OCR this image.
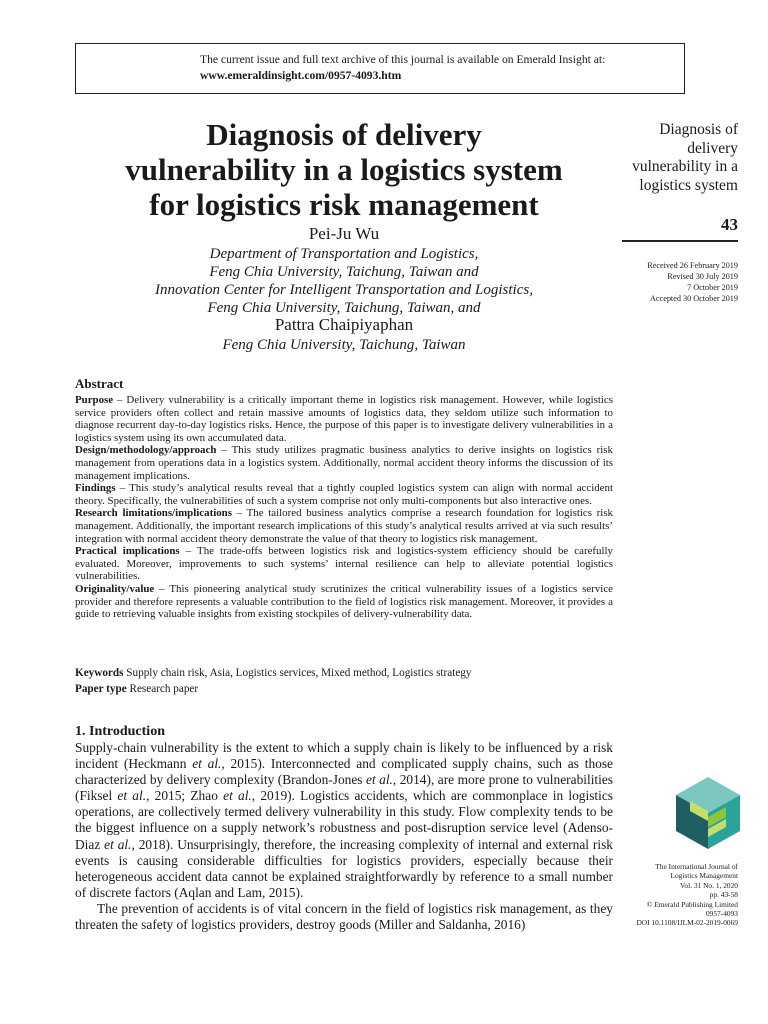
The current issue and full text archive of this journal is available on Emerald Insight at:
www.emeraldinsight.com/0957-4093.htm
Diagnosis of delivery
vulnerability in a logistics system
for logistics risk management
Pei-Ju Wu
Department of Transportation and Logistics,
Feng Chia University, Taichung, Taiwan and
Innovation Center for Intelligent Transportation and Logistics,
Feng Chia University, Taichung, Taiwan, and
Pattra Chaipiyaphan
Feng Chia University, Taichung, Taiwan
Diagnosis of
delivery
vulnerability in a
logistics system
43
Received 26 February 2019
Revised 30 July 2019
7 October 2019
Accepted 30 October 2019
Abstract

Purpose – Delivery vulnerability is a critically important theme in logistics risk management. However, while logistics service providers often collect and retain massive amounts of logistics data, they seldom utilize such information to diagnose recurrent day-to-day logistics risks. Hence, the purpose of this paper is to investigate delivery vulnerabilities in a logistics system using its own accumulated data.

Design/methodology/approach – This study utilizes pragmatic business analytics to derive insights on logistics risk management from operations data in a logistics system. Additionally, normal accident theory informs the discussion of its management implications.

Findings – This study’s analytical results reveal that a tightly coupled logistics system can align with normal accident theory. Specifically, the vulnerabilities of such a system comprise not only multi-components but also interactive ones.

Research limitations/implications – The tailored business analytics comprise a research foundation for logistics risk management. Additionally, the important research implications of this study’s analytical results arrived at via such results’ integration with normal accident theory demonstrate the value of that theory to logistics risk management.

Practical implications – The trade-offs between logistics risk and logistics-system efficiency should be carefully evaluated. Moreover, improvements to such systems’ internal resilience can help to alleviate potential logistics vulnerabilities.

Originality/value – This pioneering analytical study scrutinizes the critical vulnerability issues of a logistics service provider and therefore represents a valuable contribution to the field of logistics risk management. Moreover, it provides a guide to retrieving valuable insights from existing stockpiles of delivery-vulnerability data.

Keywords Supply chain risk, Asia, Logistics services, Mixed method, Logistics strategy
Paper type Research paper
1. Introduction

Supply-chain vulnerability is the extent to which a supply chain is likely to be influenced by a risk incident (Heckmann et al., 2015). Interconnected and complicated supply chains, such as those characterized by delivery complexity (Brandon-Jones et al., 2014), are more prone to vulnerabilities (Fiksel et al., 2015; Zhao et al., 2019). Logistics accidents, which are commonplace in logistics operations, are collectively termed delivery vulnerability in this study. Flow complexity tends to be the biggest influence on a supply network’s robustness and post-disruption service level (Adenso-Diaz et al., 2018). Unsurprisingly, therefore, the increasing complexity of internal and external risk events is causing considerable difficulties for logistics providers, especially because their heterogeneous accident data cannot be explained straightforwardly by reference to a small number of discrete factors (Aqlan and Lam, 2015).

The prevention of accidents is of vital concern in the field of logistics risk management, as they threaten the safety of logistics providers, destroy goods (Miller and Saldanha, 2016)

The International Journal of
Logistics Management
Vol. 31 No. 1, 2020
pp. 43-58
© Emerald Publishing Limited
0957-4093
DOI 10.1108/IJLM-02-2019-0069
